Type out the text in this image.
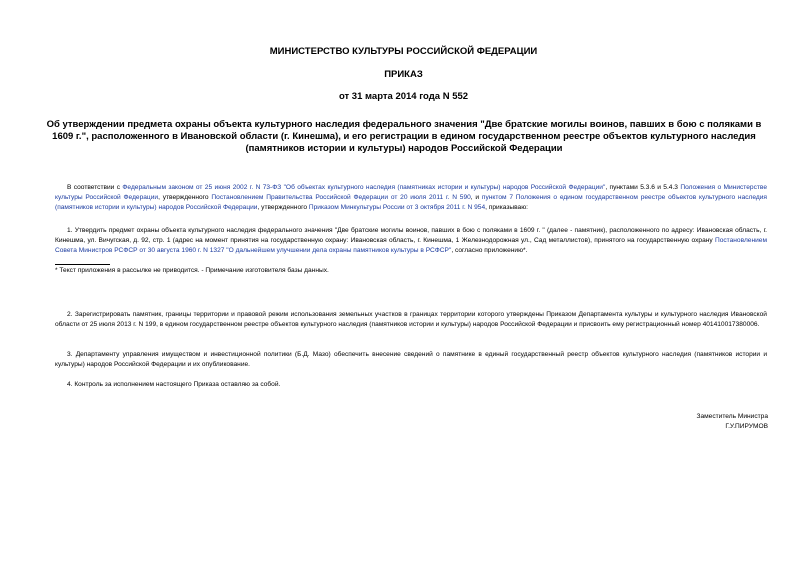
МИНИСТЕРСТВО КУЛЬТУРЫ РОССИЙСКОЙ ФЕДЕРАЦИИ
ПРИКАЗ
от 31 марта 2014 года N 552
Об утверждении предмета охраны объекта культурного наследия федерального значения "Две братские могилы воинов, павших в бою с поляками в 1609 г.", расположенного в Ивановской области (г. Кинешма), и его регистрации в едином государственном реестре объектов культурного наследия (памятников истории и культуры) народов Российской Федерации
В соответствии с Федеральным законом от 25 июня 2002 г. N 73-ФЗ "Об объектах культурного наследия (памятниках истории и культуры) народов Российской Федерации", пунктами 5.3.6 и 5.4.3 Положения о Министерстве культуры Российской Федерации, утвержденного Постановлением Правительства Российской Федерации от 20 июля 2011 г. N 590, и пунктом 7 Положения о едином государственном реестре объектов культурного наследия (памятников истории и культуры) народов Российской Федерации, утвержденного Приказом Минкультуры России от 3 октября 2011 г. N 954, приказываю:
1. Утвердить предмет охраны объекта культурного наследия федерального значения "Две братские могилы воинов, павших в бою с поляками в 1609 г. " (далее - памятник), расположенного по адресу: Ивановская область, г. Кинешма, ул. Вичугская, д. 92, стр. 1 (адрес на момент принятия на государственную охрану: Ивановская область, г. Кинешма, 1 Железнодорожная ул., Сад металлистов), принятого на государственную охрану Постановлением Совета Министров РСФСР от 30 августа 1960 г. N 1327 "О дальнейшем улучшении дела охраны памятников культуры в РСФСР", согласно приложению*.
* Текст приложения в рассылке не приводится. - Примечание изготовителя базы данных.
2. Зарегистрировать памятник, границы территории и правовой режим использования земельных участков в границах территории которого утверждены Приказом Департамента культуры и культурного наследия Ивановской области от 25 июля 2013 г. N 199, в едином государственном реестре объектов культурного наследия (памятников истории и культуры) народов Российской Федерации и присвоить ему регистрационный номер 401410017380006.
3. Департаменту управления имуществом и инвестиционной политики (Б.Д. Мазо) обеспечить внесение сведений о памятнике в единый государственный реестр объектов культурного наследия (памятников истории и культуры) народов Российской Федерации и их опубликование.
4. Контроль за исполнением настоящего Приказа оставляю за собой.
Заместитель Министра
Г.У.ПИРУМОВ
